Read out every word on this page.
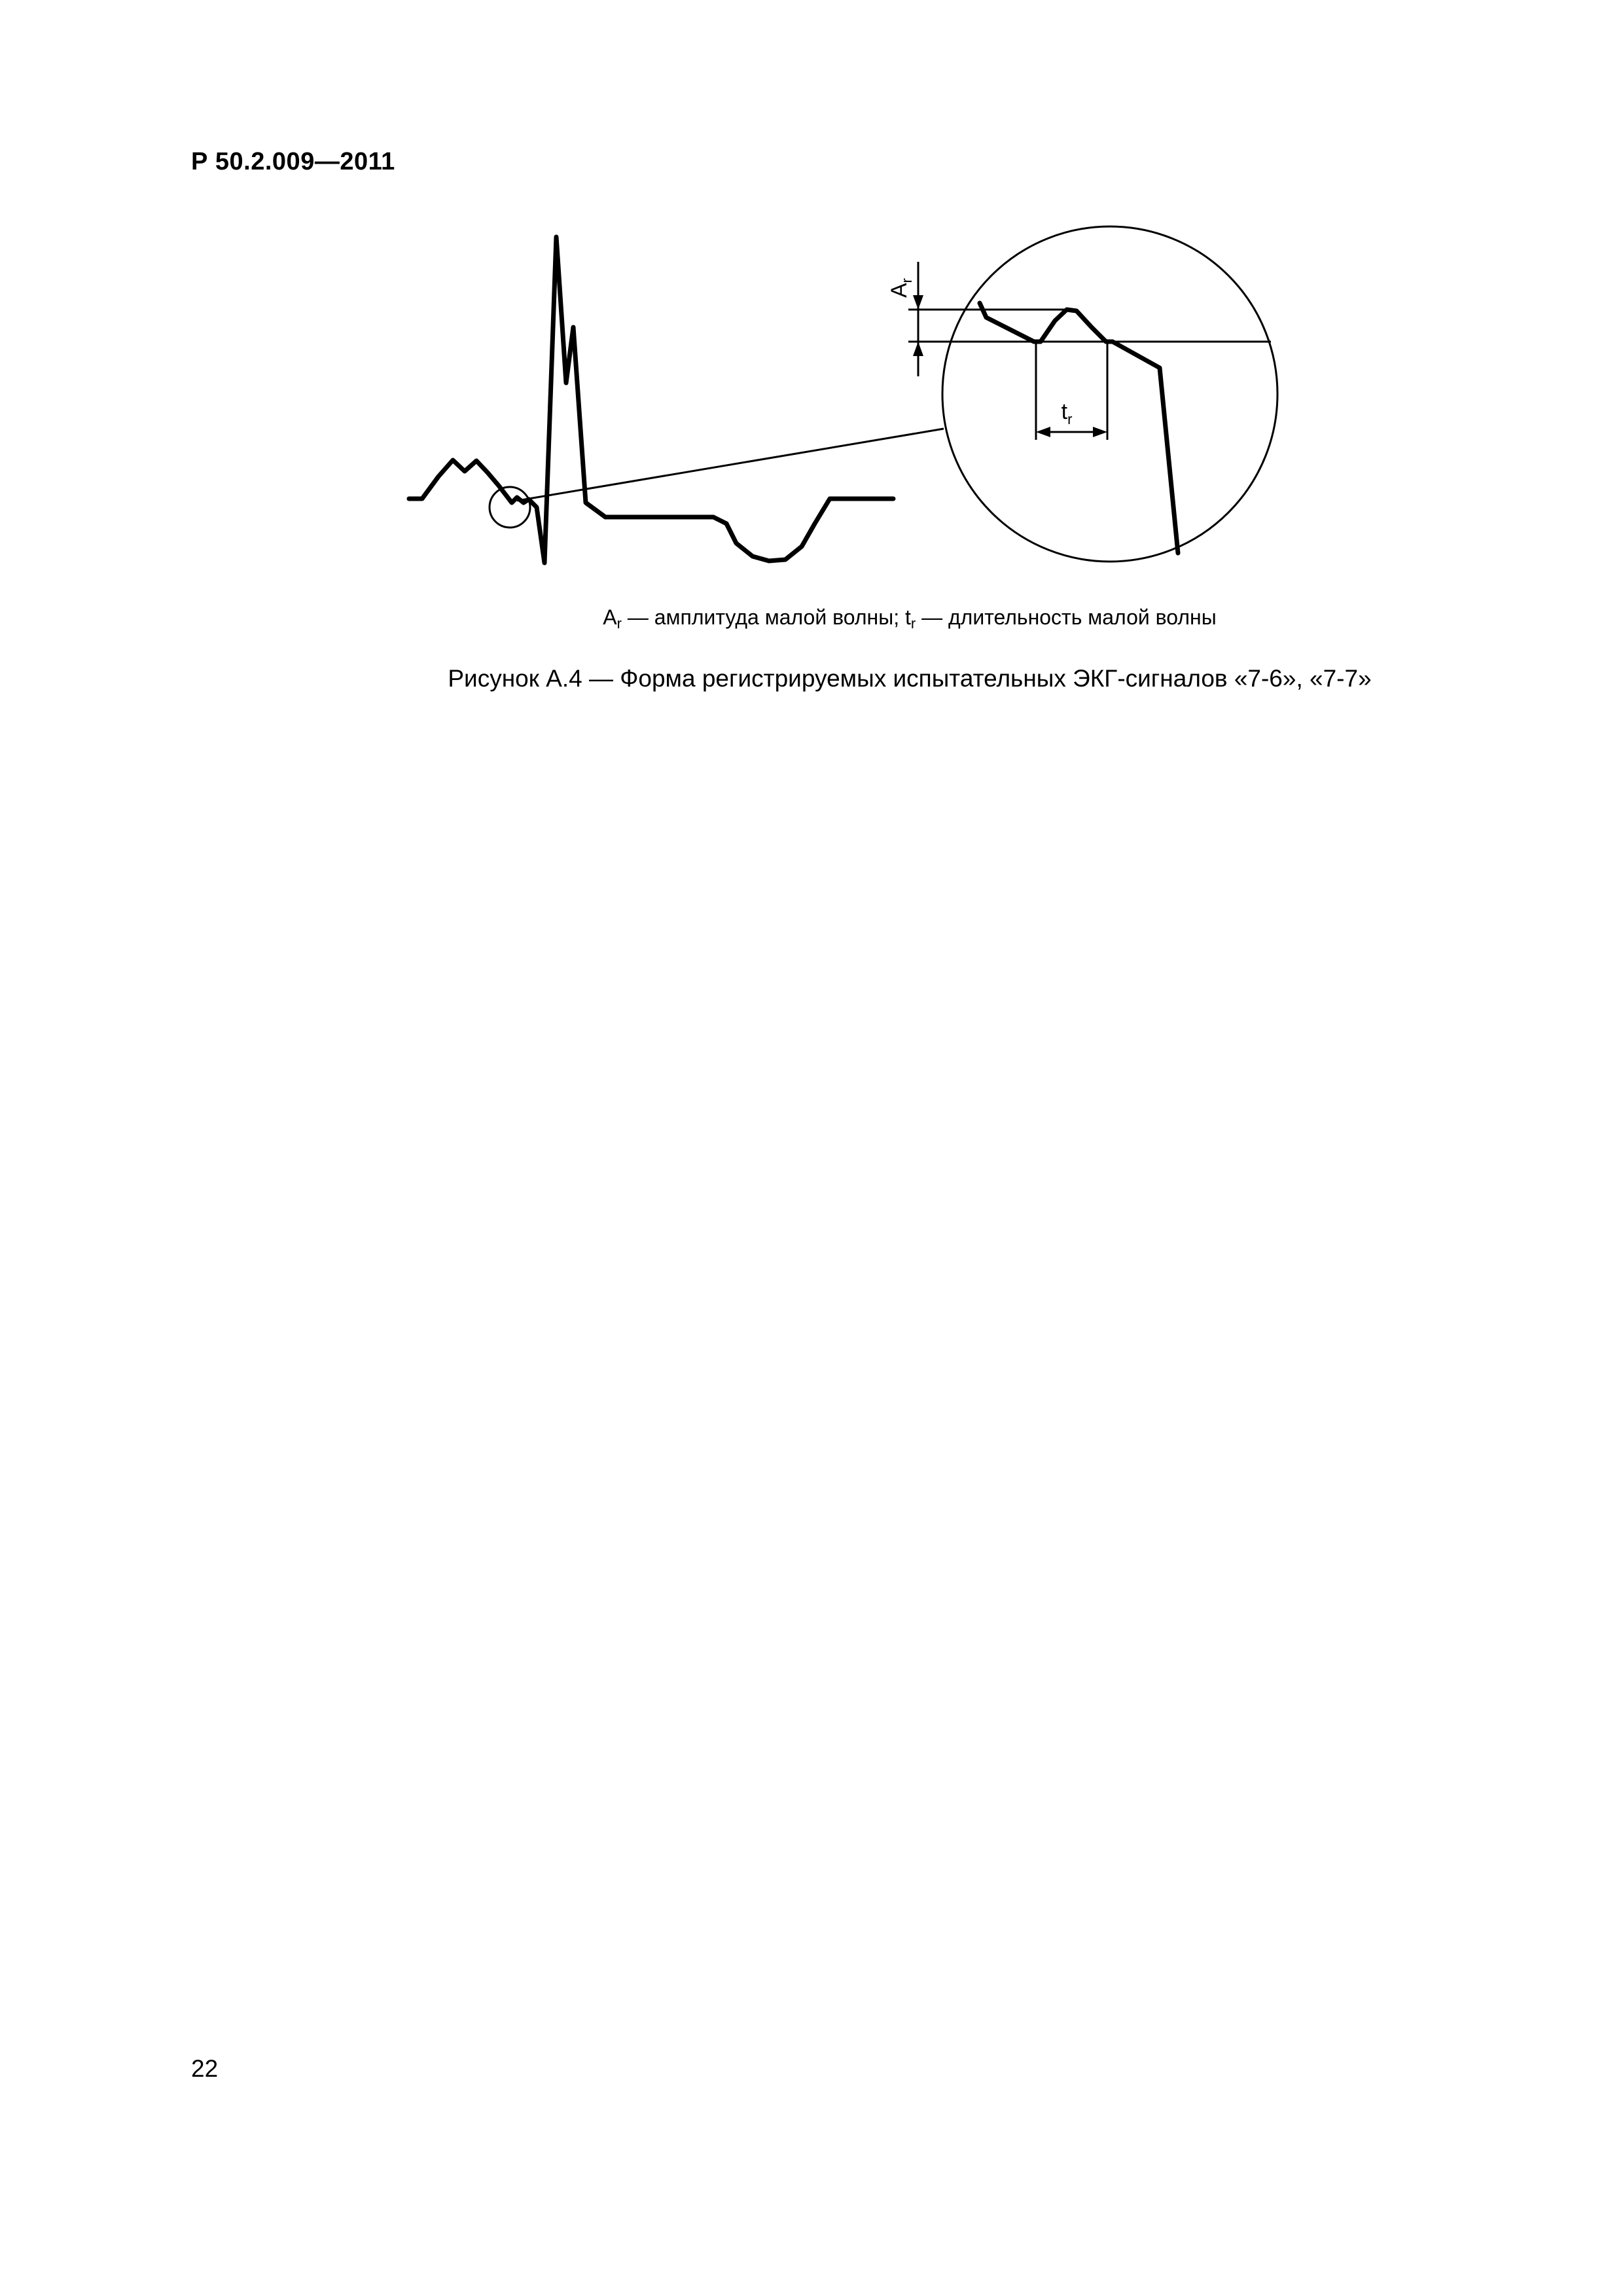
Р 50.2.009—2011
$А_r$
$t_r$
$А_r$ — амплитуда малой волны; $t_r$ — длительность малой волны
Рисунок А.4 — Форма регистрируемых испытательных ЭКГ-сигналов «7-6», «7-7»
22
